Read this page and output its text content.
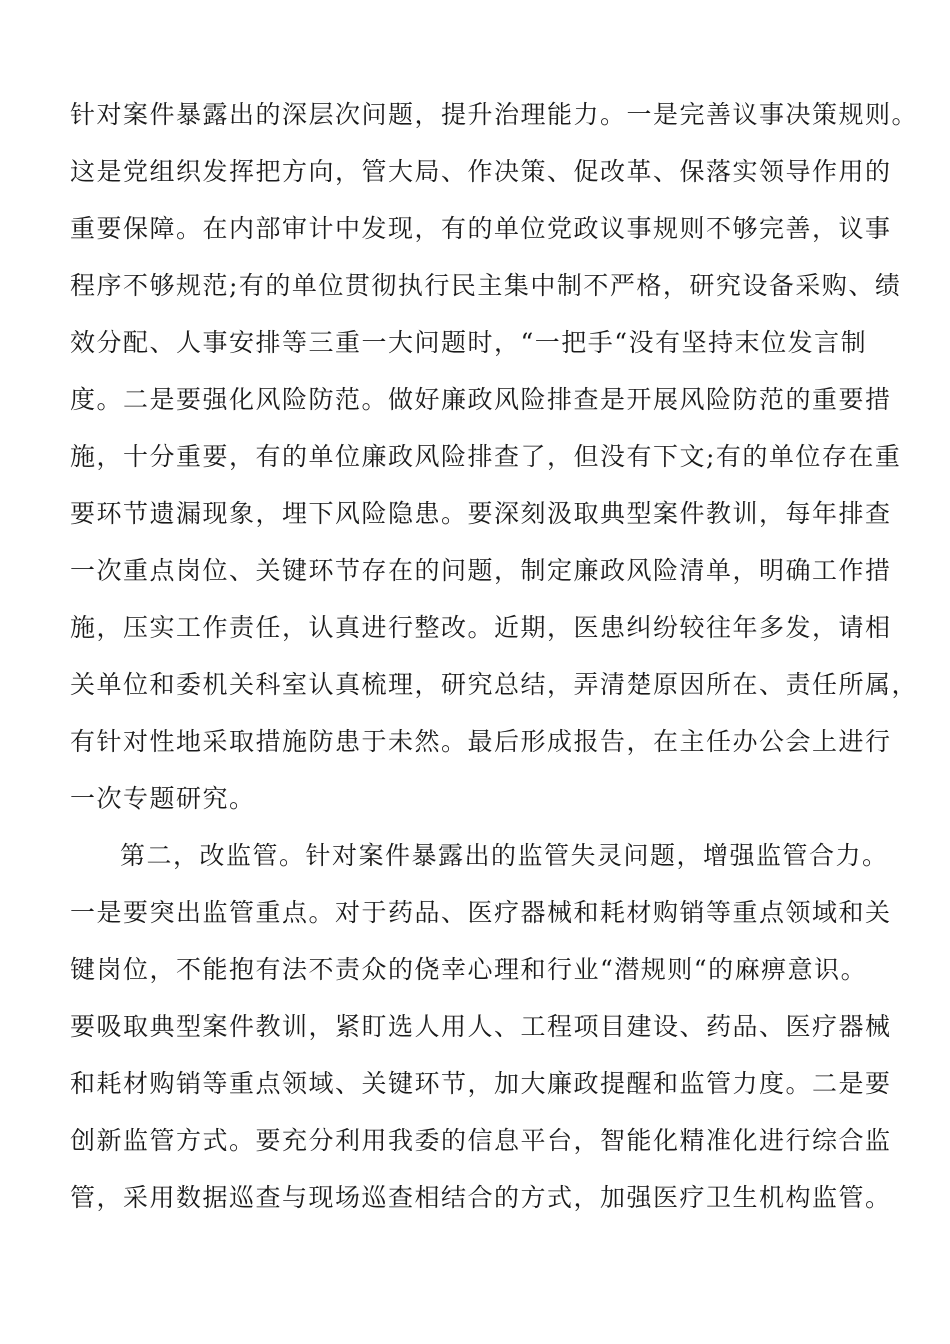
针对案件暴露出的深层次问题，提升治理能力。一是完善议事决策规则。
这是党组织发挥把方向，管大局、作决策、促改革、保落实领导作用的
重要保障。在内部审计中发现，有的单位党政议事规则不够完善，议事
程序不够规范;有的单位贯彻执行民主集中制不严格，研究设备采购、绩
效分配、人事安排等三重一大问题时，“一把手“没有坚持末位发言制
度。二是要强化风险防范。做好廉政风险排查是开展风险防范的重要措
施，十分重要，有的单位廉政风险排查了，但没有下文;有的单位存在重
要环节遗漏现象，埋下风险隐患。要深刻汲取典型案件教训，每年排查
一次重点岗位、关键环节存在的问题，制定廉政风险清单，明确工作措
施，压实工作责任，认真进行整改。近期，医患纠纷较往年多发，请相
关单位和委机关科室认真梳理，研究总结，弄清楚原因所在、责任所属，
有针对性地采取措施防患于未然。最后形成报告，在主任办公会上进行
一次专题研究。
第二，改监管。针对案件暴露出的监管失灵问题，增强监管合力。
一是要突出监管重点。对于药品、医疗器械和耗材购销等重点领域和关
键岗位，不能抱有法不责众的侥幸心理和行业“潜规则“的麻痹意识。
要吸取典型案件教训，紧盯选人用人、工程项目建设、药品、医疗器械
和耗材购销等重点领域、关键环节，加大廉政提醒和监管力度。二是要
创新监管方式。要充分利用我委的信息平台，智能化精准化进行综合监
管，采用数据巡查与现场巡查相结合的方式，加强医疗卫生机构监管。
